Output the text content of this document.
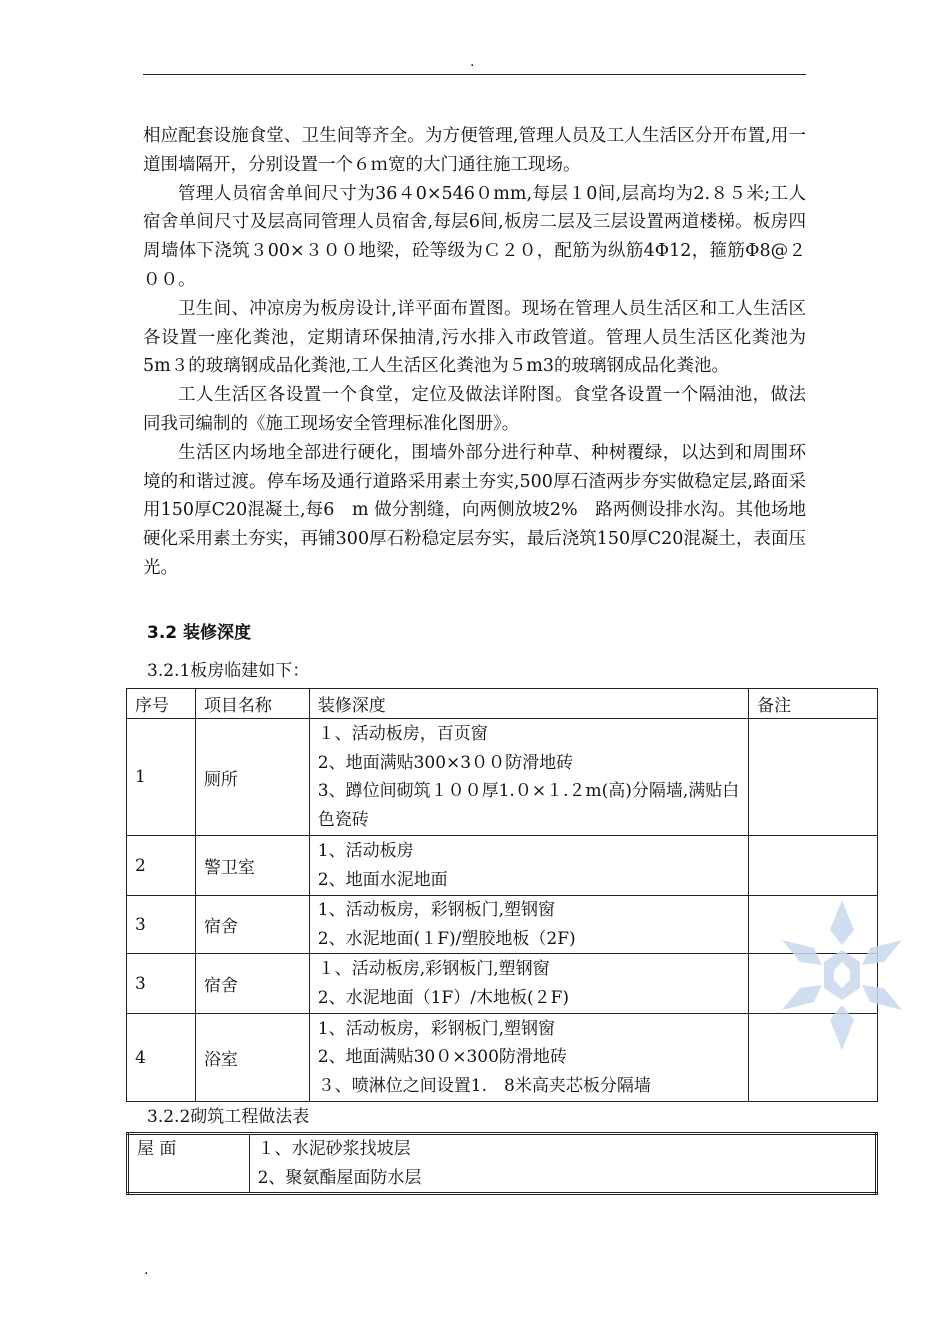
.

相应配套设施食堂、卫生间等齐全。为方便管理,管理人员及工人生活区分开布置,用一道围墙隔开，分别设置一个６ｍ宽的大门通往施工现场。

管理人员宿舍单间尺寸为36４0×546０mm,每层１0间,层高均为2.８５米;工人宿舍单间尺寸及层高同管理人员宿舍,每层6间,板房二层及三层设置两道楼梯。板房四周墙体下浇筑３00×３００地梁，砼等级为Ｃ２０，配筋为纵筋4Φ12，箍筋Φ8@２００。

卫生间、冲凉房为板房设计,详平面布置图。现场在管理人员生活区和工人生活区各设置一座化粪池，定期请环保抽清,污水排入市政管道。管理人员生活区化粪池为5m３的玻璃钢成品化粪池,工人生活区化粪池为５m3的玻璃钢成品化粪池。

工人生活区各设置一个食堂，定位及做法详附图。食堂各设置一个隔油池，做法同我司编制的《施工现场安全管理标准化图册》。

生活区内场地全部进行硬化，围墙外部分进行种草、种树覆绿，以达到和周围环境的和谐过渡。停车场及通行道路采用素土夯实,500厚石渣两步夯实做稳定层,路面采用150厚C20混凝土,每6　m 做分割缝，向两侧放坡2%　路两侧设排水沟。其他场地硬化采用素土夯实，再铺300厚石粉稳定层夯实，最后浇筑150厚C20混凝土，表面压光。

3.2 装修深度
3.2.1板房临建如下：
序号	项目名称	装修深度	备注
1	厕所	１、活动板房，百页窗
2、地面满贴300×3００防滑地砖
3、蹲位间砌筑１００厚1.０×１.２m(高)分隔墙,满贴白色瓷砖	

2	警卫室	1、活动板房
2、地面水泥地面	

3	宿舍	1、活动板房，彩钢板门,塑钢窗
2、水泥地面(１F)/塑胶地板（2F)	

3	宿舍	１、活动板房,彩钢板门,塑钢窗
2、水泥地面（1F）/木地板(２F)	

4	浴室	1、活动板房，彩钢板门,塑钢窗
2、地面满贴30０×300防滑地砖
３、喷淋位之间设置1.　8米高夹芯板分隔墙	

3.2.2砌筑工程做法表
屋 面	１、水泥砂浆找坡层
2、聚氨酯屋面防水层
.
